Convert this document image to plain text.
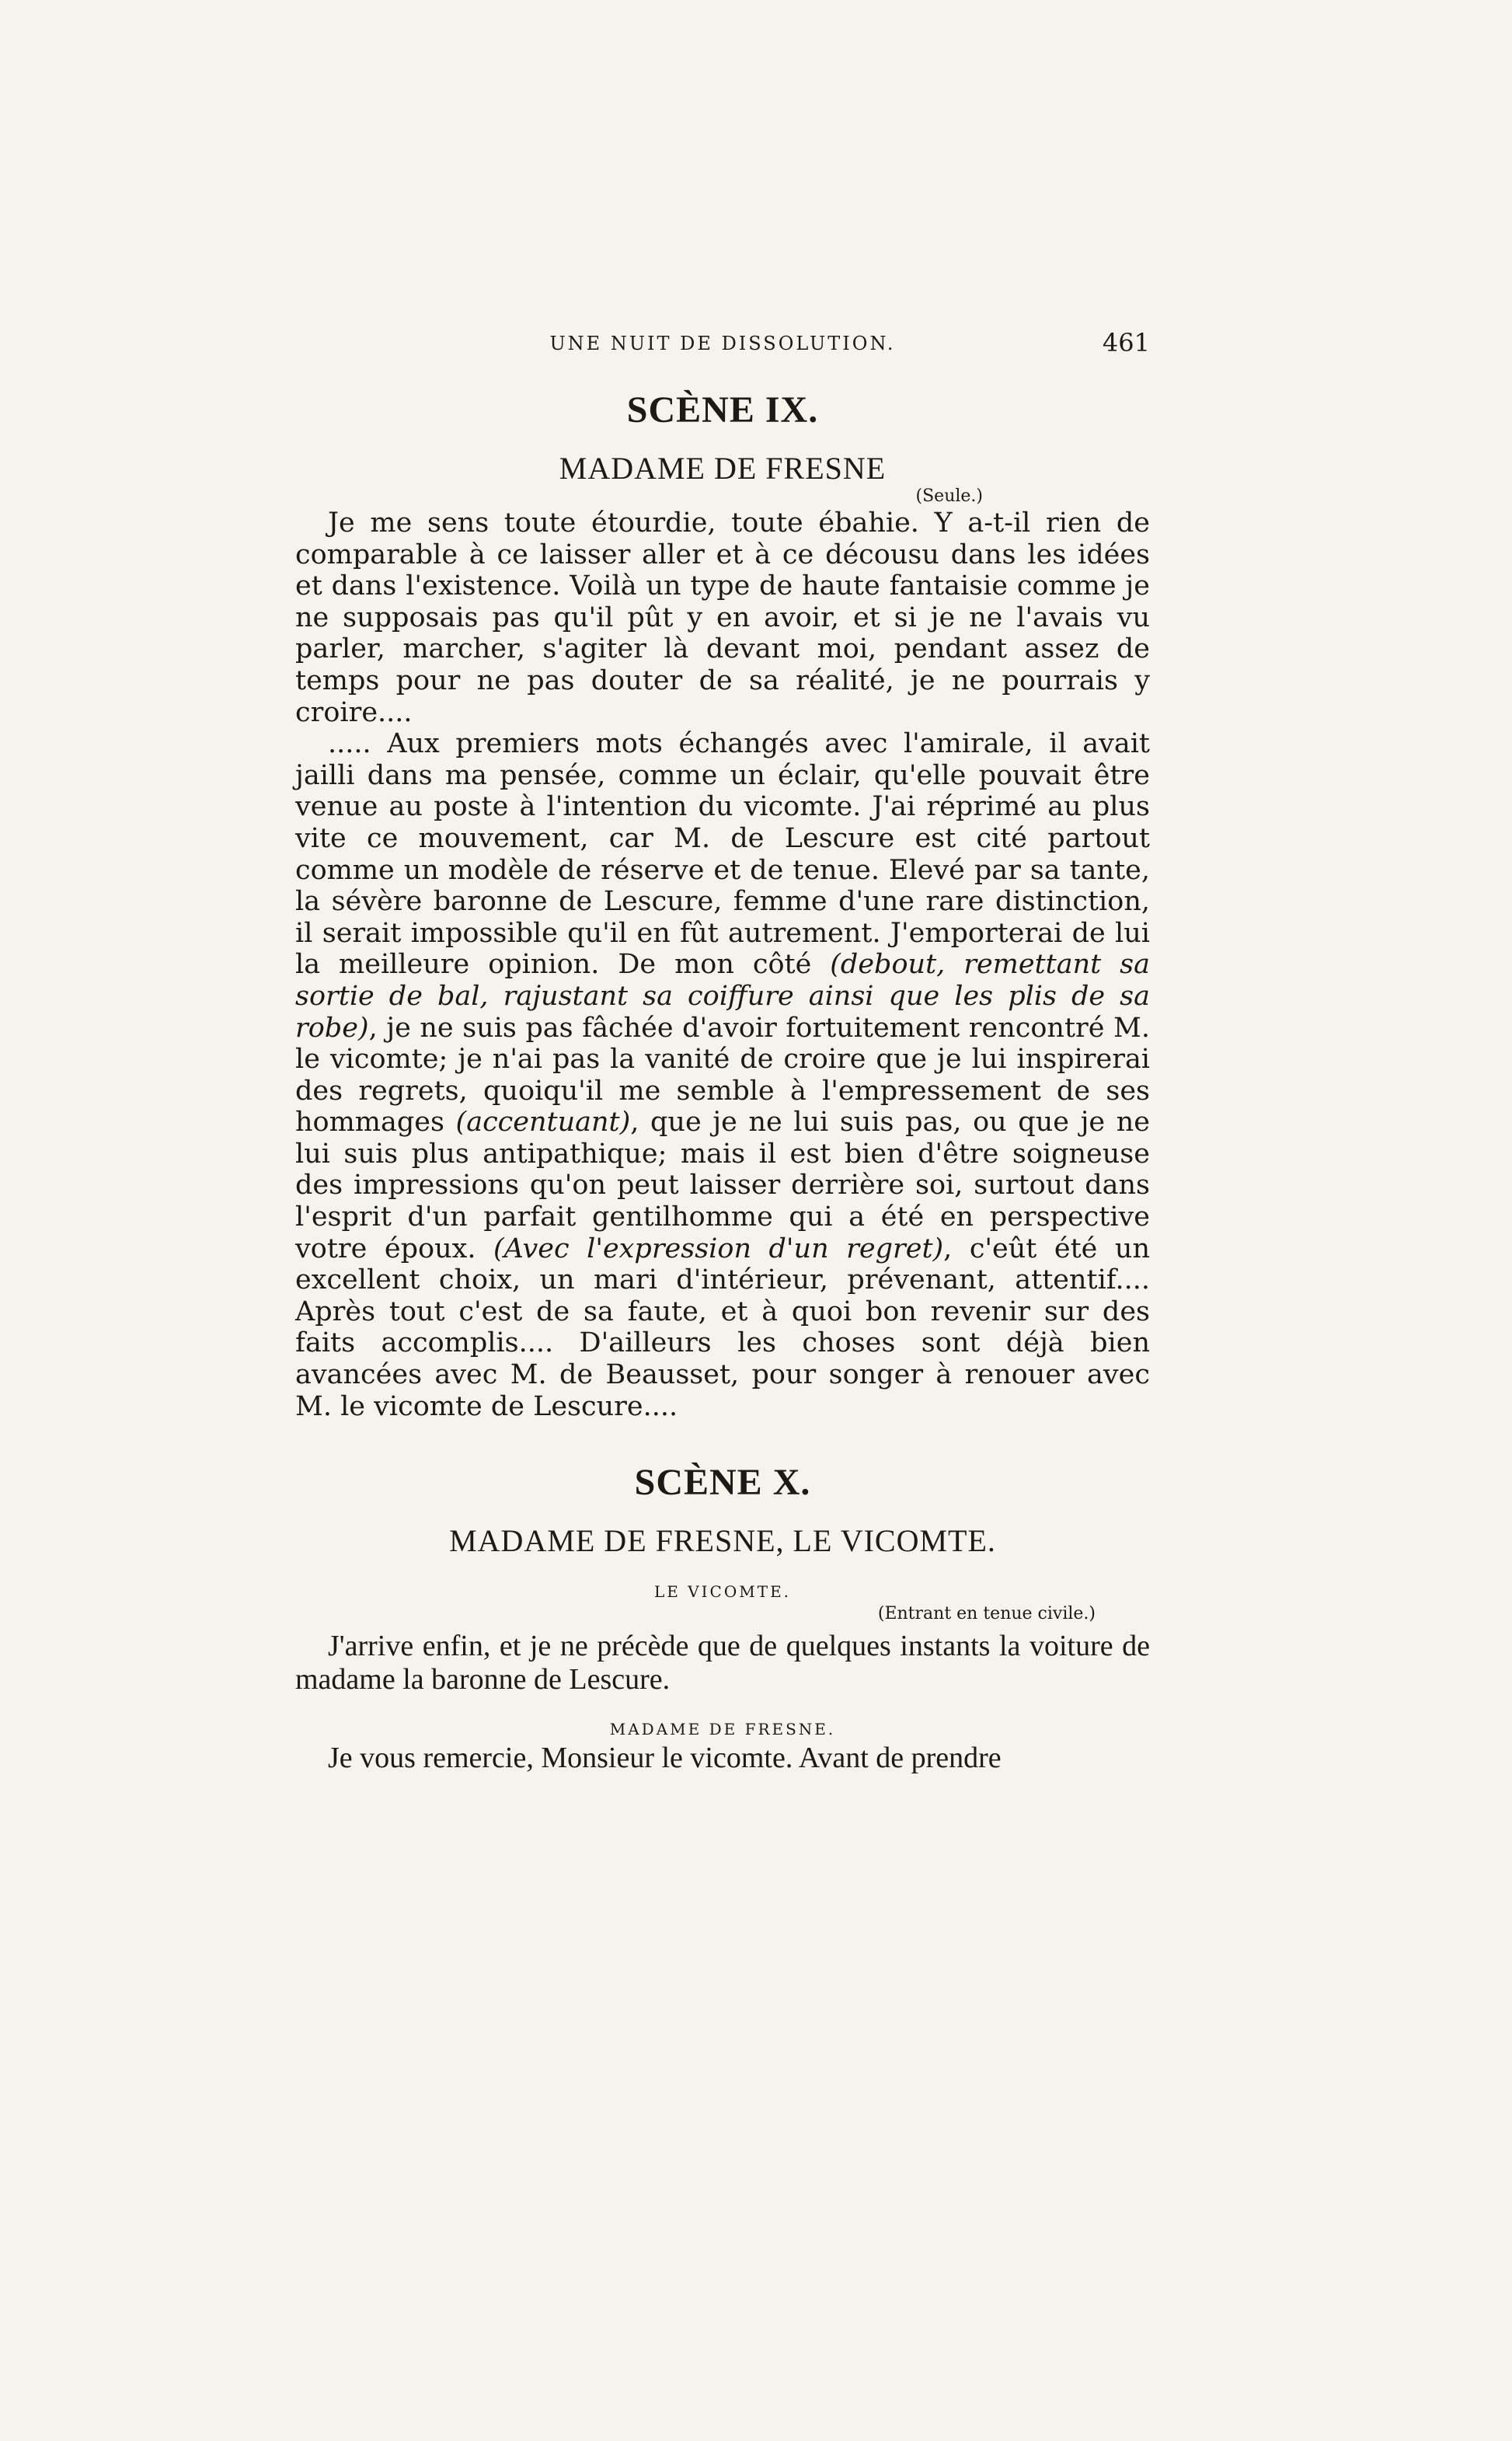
UNE NUIT DE DISSOLUTION.	461
SCÈNE IX.
MADAME DE FRESNE
(Seule.)

Je me sens toute étourdie, toute ébahie. Y a-t-il rien de comparable à ce laisser aller et à ce décousu dans les idées et dans l'existence. Voilà un type de haute fantaisie comme je ne supposais pas qu'il pût y en avoir, et si je ne l'avais vu parler, marcher, s'agiter là devant moi, pendant assez de temps pour ne pas douter de sa réalité, je ne pourrais y croire....

..... Aux premiers mots échangés avec l'amirale, il avait jailli dans ma pensée, comme un éclair, qu'elle pouvait être venue au poste à l'intention du vicomte. J'ai réprimé au plus vite ce mouvement, car M. de Lescure est cité partout comme un modèle de réserve et de tenue. Elevé par sa tante, la sévère baronne de Lescure, femme d'une rare distinction, il serait impossible qu'il en fût autrement. J'emporterai de lui la meilleure opinion. De mon côté (debout, remettant sa sortie de bal, rajustant sa coiffure ainsi que les plis de sa robe), je ne suis pas fâchée d'avoir fortuitement rencontré M. le vicomte; je n'ai pas la vanité de croire que je lui inspirerai des regrets, quoiqu'il me semble à l'empressement de ses hommages (accentuant), que je ne lui suis pas, ou que je ne lui suis plus antipathique; mais il est bien d'être soigneuse des impressions qu'on peut laisser derrière soi, surtout dans l'esprit d'un parfait gentilhomme qui a été en perspective votre époux. (Avec l'expression d'un regret), c'eût été un excellent choix, un mari d'intérieur, prévenant, attentif.... Après tout c'est de sa faute, et à quoi bon revenir sur des faits accomplis.... D'ailleurs les choses sont déjà bien avancées avec M. de Beausset, pour songer à renouer avec M. le vicomte de Lescure....

SCÈNE X.
MADAME DE FRESNE, LE VICOMTE.
LE VICOMTE.
(Entrant en tenue civile.)

J'arrive enfin, et je ne précède que de quelques instants la voiture de madame la baronne de Lescure.

MADAME DE FRESNE.

Je vous remercie, Monsieur le vicomte. Avant de prendre
